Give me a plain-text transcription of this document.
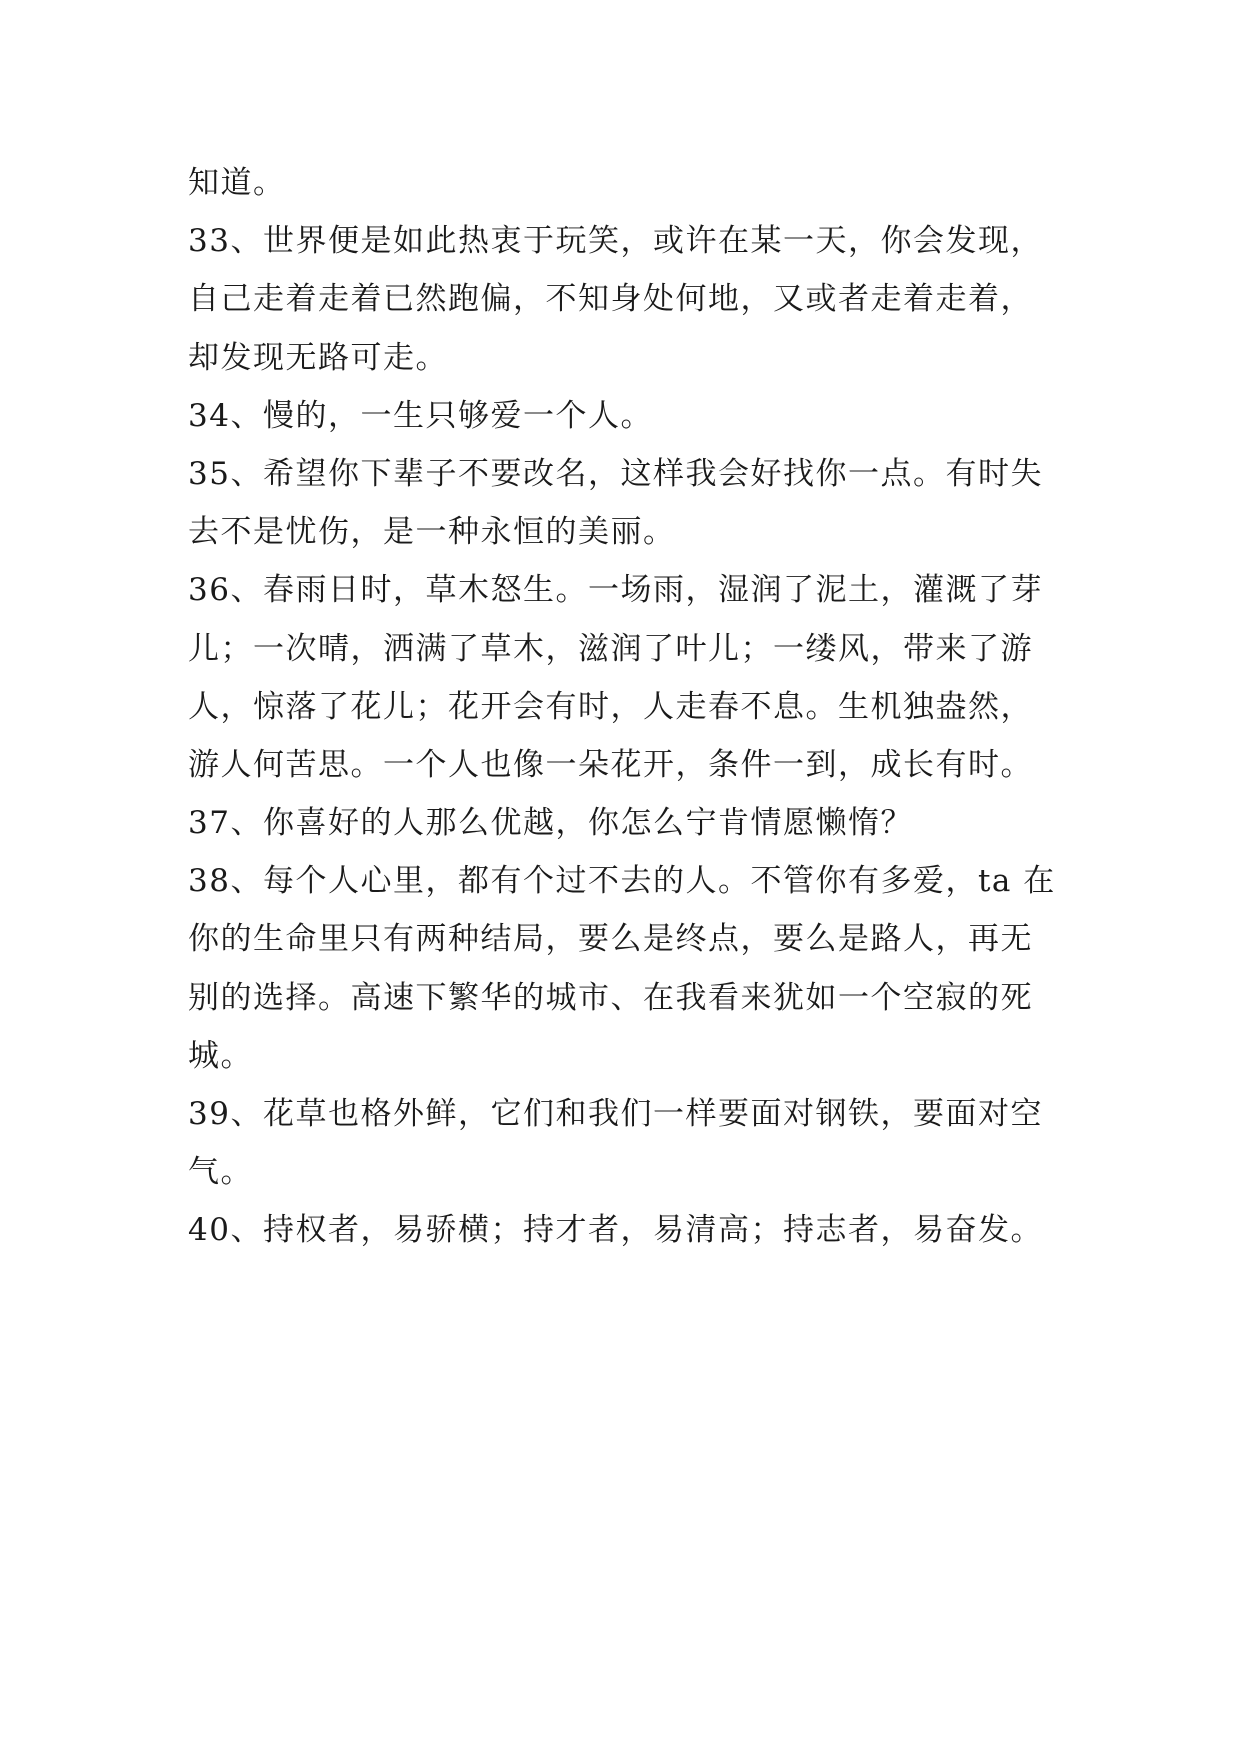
知道。
33、世界便是如此热衷于玩笑，或许在某一天，你会发现，
自己走着走着已然跑偏，不知身处何地，又或者走着走着，
却发现无路可走。
34、慢的，一生只够爱一个人。
35、希望你下辈子不要改名，这样我会好找你一点。有时失
去不是忧伤，是一种永恒的美丽。
36、春雨日时，草木怒生。一场雨，湿润了泥土，灌溉了芽
儿；一次晴，洒满了草木，滋润了叶儿；一缕风，带来了游
人，惊落了花儿；花开会有时，人走春不息。生机独盎然，
游人何苦思。一个人也像一朵花开，条件一到，成长有时。
37、你喜好的人那么优越，你怎么宁肯情愿懒惰？
38、每个人心里，都有个过不去的人。不管你有多爱，ta 在
你的生命里只有两种结局，要么是终点，要么是路人，再无
别的选择。高速下繁华的城市、在我看来犹如一个空寂的死
城。
39、花草也格外鲜，它们和我们一样要面对钢铁，要面对空
气。
40、持权者，易骄横；持才者，易清高；持志者，易奋发。
